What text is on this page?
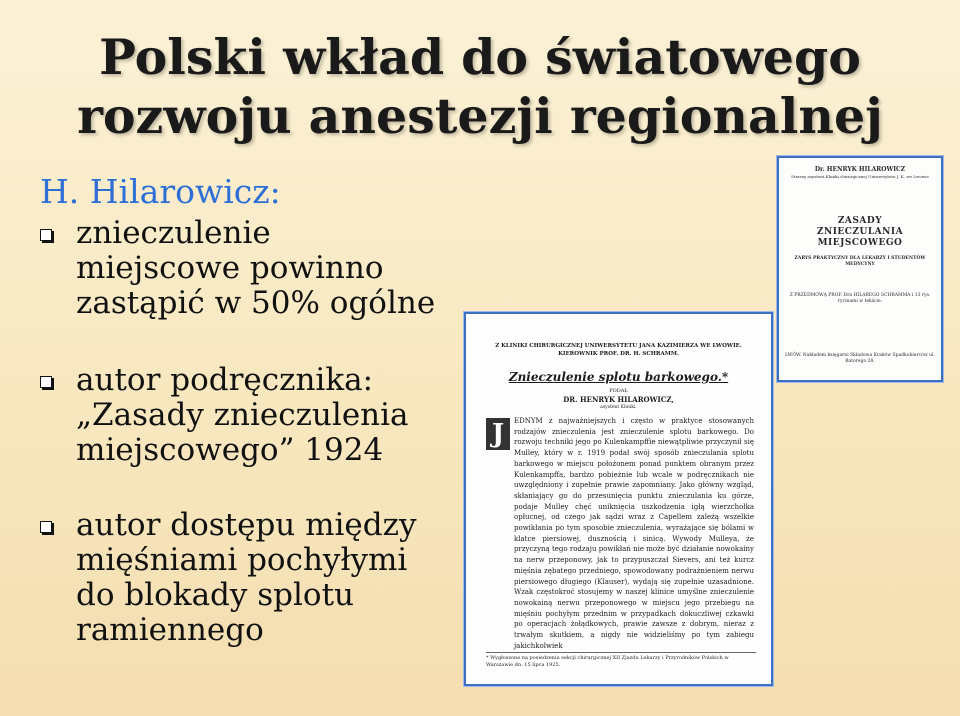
Polski wkład do światowego
rozwoju anestezji regionalnej
H. Hilarowicz:
znieczulenie
miejscowe powinno
zastąpić w 50% ogólne
autor podręcznika:
„Zasady znieczulenia
miejscowego” 1924
autor dostępu między
mięśniami pochyłymi
do blokady splotu
ramiennego
Dr. HENRYK HILAROWICZ
Starszy asystent Kliniki chirurgicznej Uniwersytetu J. K. we Lwowie
ZASADY
ZNIECZULANIA
MIEJSCOWEGO
ZARYS PRAKTYCZNY DLA LEKARZY I STUDENTÓW MEDYCYNY
Z PRZEDMOWĄ PROF. Dra HILAREGO SCHRAMMA i 13 rys. rycinami w tekście.
LWÓW. Nakładem księgarni Składowa Kraków Spadkobierców ul. Batorego 28.
Z KLINIKI CHIRURGICZNEJ UNIWERSYTETU JANA KAZIMIERZA WE LWOWIE.
KIEROWNIK PROF. DR. H. SCHRAMM.
Znieczulenie splotu barkowego.*
PODAŁ
DR. HENRYK HILAROWICZ,
asystent Kliniki.
J	EDNYM z najważniejszych i często w praktyce stosowanych rodzajów znieczulenia jest znieczulenie splotu barkowego. Do rozwoju techniki jego po Kulenkampffie niewątpliwie przyczynił się Mulley, który w r. 1919 podał swój sposób znieczulania splotu barkowego w miejscu położonem ponad punktem obranym przez Kulenkampffa, bardzo pobieżnie lub wcale w podręcznikach nie uwzględniony i zupełnie prawie zapomniany. Jako główny wzgląd, skłaniający go do przesunięcia punktu znieczulania ku górze, podaje Mulley chęć uniknięcia uszkodzenia igłą wierzchołka opłucnej, od czego jak sądzi wraz z Capellem zależą wszelkie powikłania po tym sposobie znieczulenia, wyrażające się bólami w klatce piersiowej, dusznością i sinicą. Wywody Mulleya, że przyczyną tego rodzaju powikłań nie może być działanie nowokainy na nerw przeponowy, jak to przypuszczał Sievers, ani też kurcz mięśnia zębatego przedniego, spowodowany podrażnieniem nerwu piersiowego długiego (Klauser), wydają się zupełnie uzasadnione. Wzak częstokroć stosujemy w naszej klinice umyślne znieczulenie nowokainą nerwu przeponowego w miejscu jego przebiegu na mięśniu pochyłym przednim w przypadkach dokuczliwej czkawki po operacjach żołądkowych, prawie zawsze z dobrym, nieraz z trwałym skutkiem, a nigdy nie widzieliśmy po tym zabiegu jakichkolwiek
* Wygłoszone na posiedzeniu sekcji chirurgicznej XII Zjazdu Lekarzy i Przyrodników Polskich w Warszawie dn. 15 lipca 1925.
